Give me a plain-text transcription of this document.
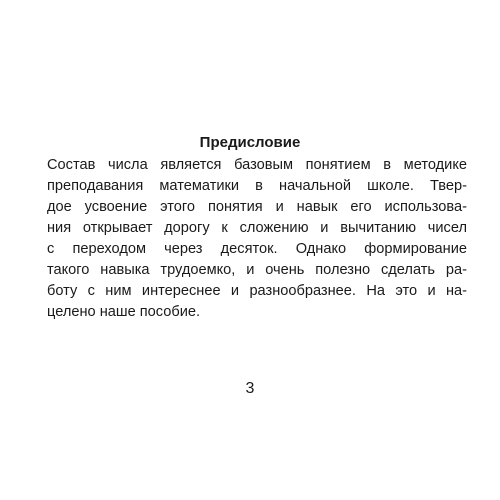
Предисловие
Состав числа является базовым понятием в методике
преподавания математики в начальной школе. Твер-
дое усвоение этого понятия и навык его использова-
ния открывает дорогу к сложению и вычитанию чисел
с переходом через десяток. Однако формирование
такого навыка трудоемко, и очень полезно сделать ра-
боту с ним интереснее и разнообразнее. На это и на-
целено наше пособие.
3
